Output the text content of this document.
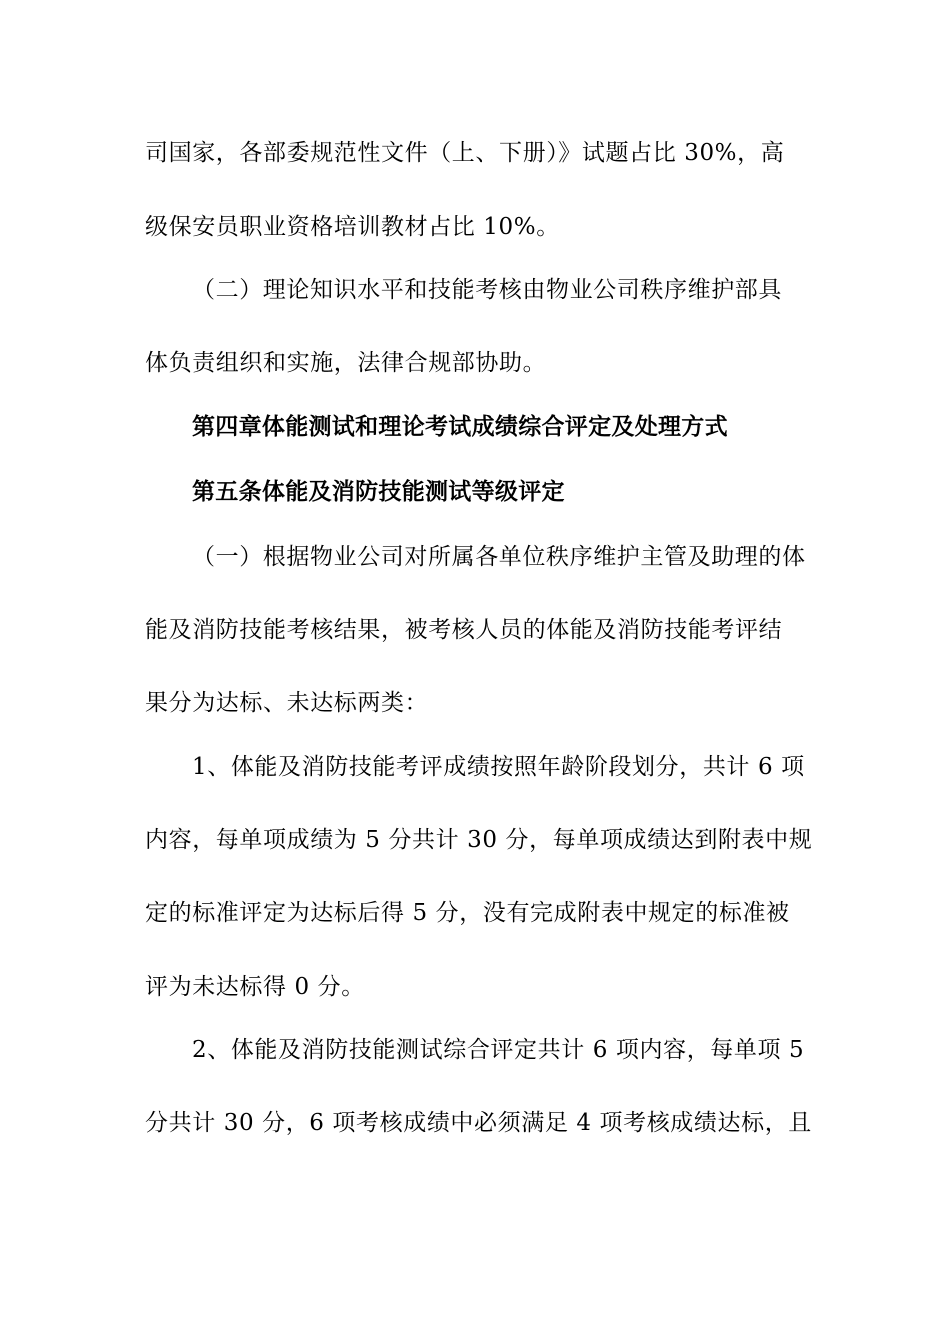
司国家，各部委规范性文件（上、下册）》试题占比 30%，高
级保安员职业资格培训教材占比 10%。
（二）理论知识水平和技能考核由物业公司秩序维护部具
体负责组织和实施，法律合规部协助。
第四章体能测试和理论考试成绩综合评定及处理方式
第五条体能及消防技能测试等级评定
（一）根据物业公司对所属各单位秩序维护主管及助理的体
能及消防技能考核结果，被考核人员的体能及消防技能考评结
果分为达标、未达标两类：
1、体能及消防技能考评成绩按照年龄阶段划分，共计 6 项
内容，每单项成绩为 5 分共计 30 分，每单项成绩达到附表中规
定的标准评定为达标后得 5 分，没有完成附表中规定的标准被
评为未达标得 0 分。
2、体能及消防技能测试综合评定共计 6 项内容，每单项 5
分共计 30 分，6 项考核成绩中必须满足 4 项考核成绩达标，且
